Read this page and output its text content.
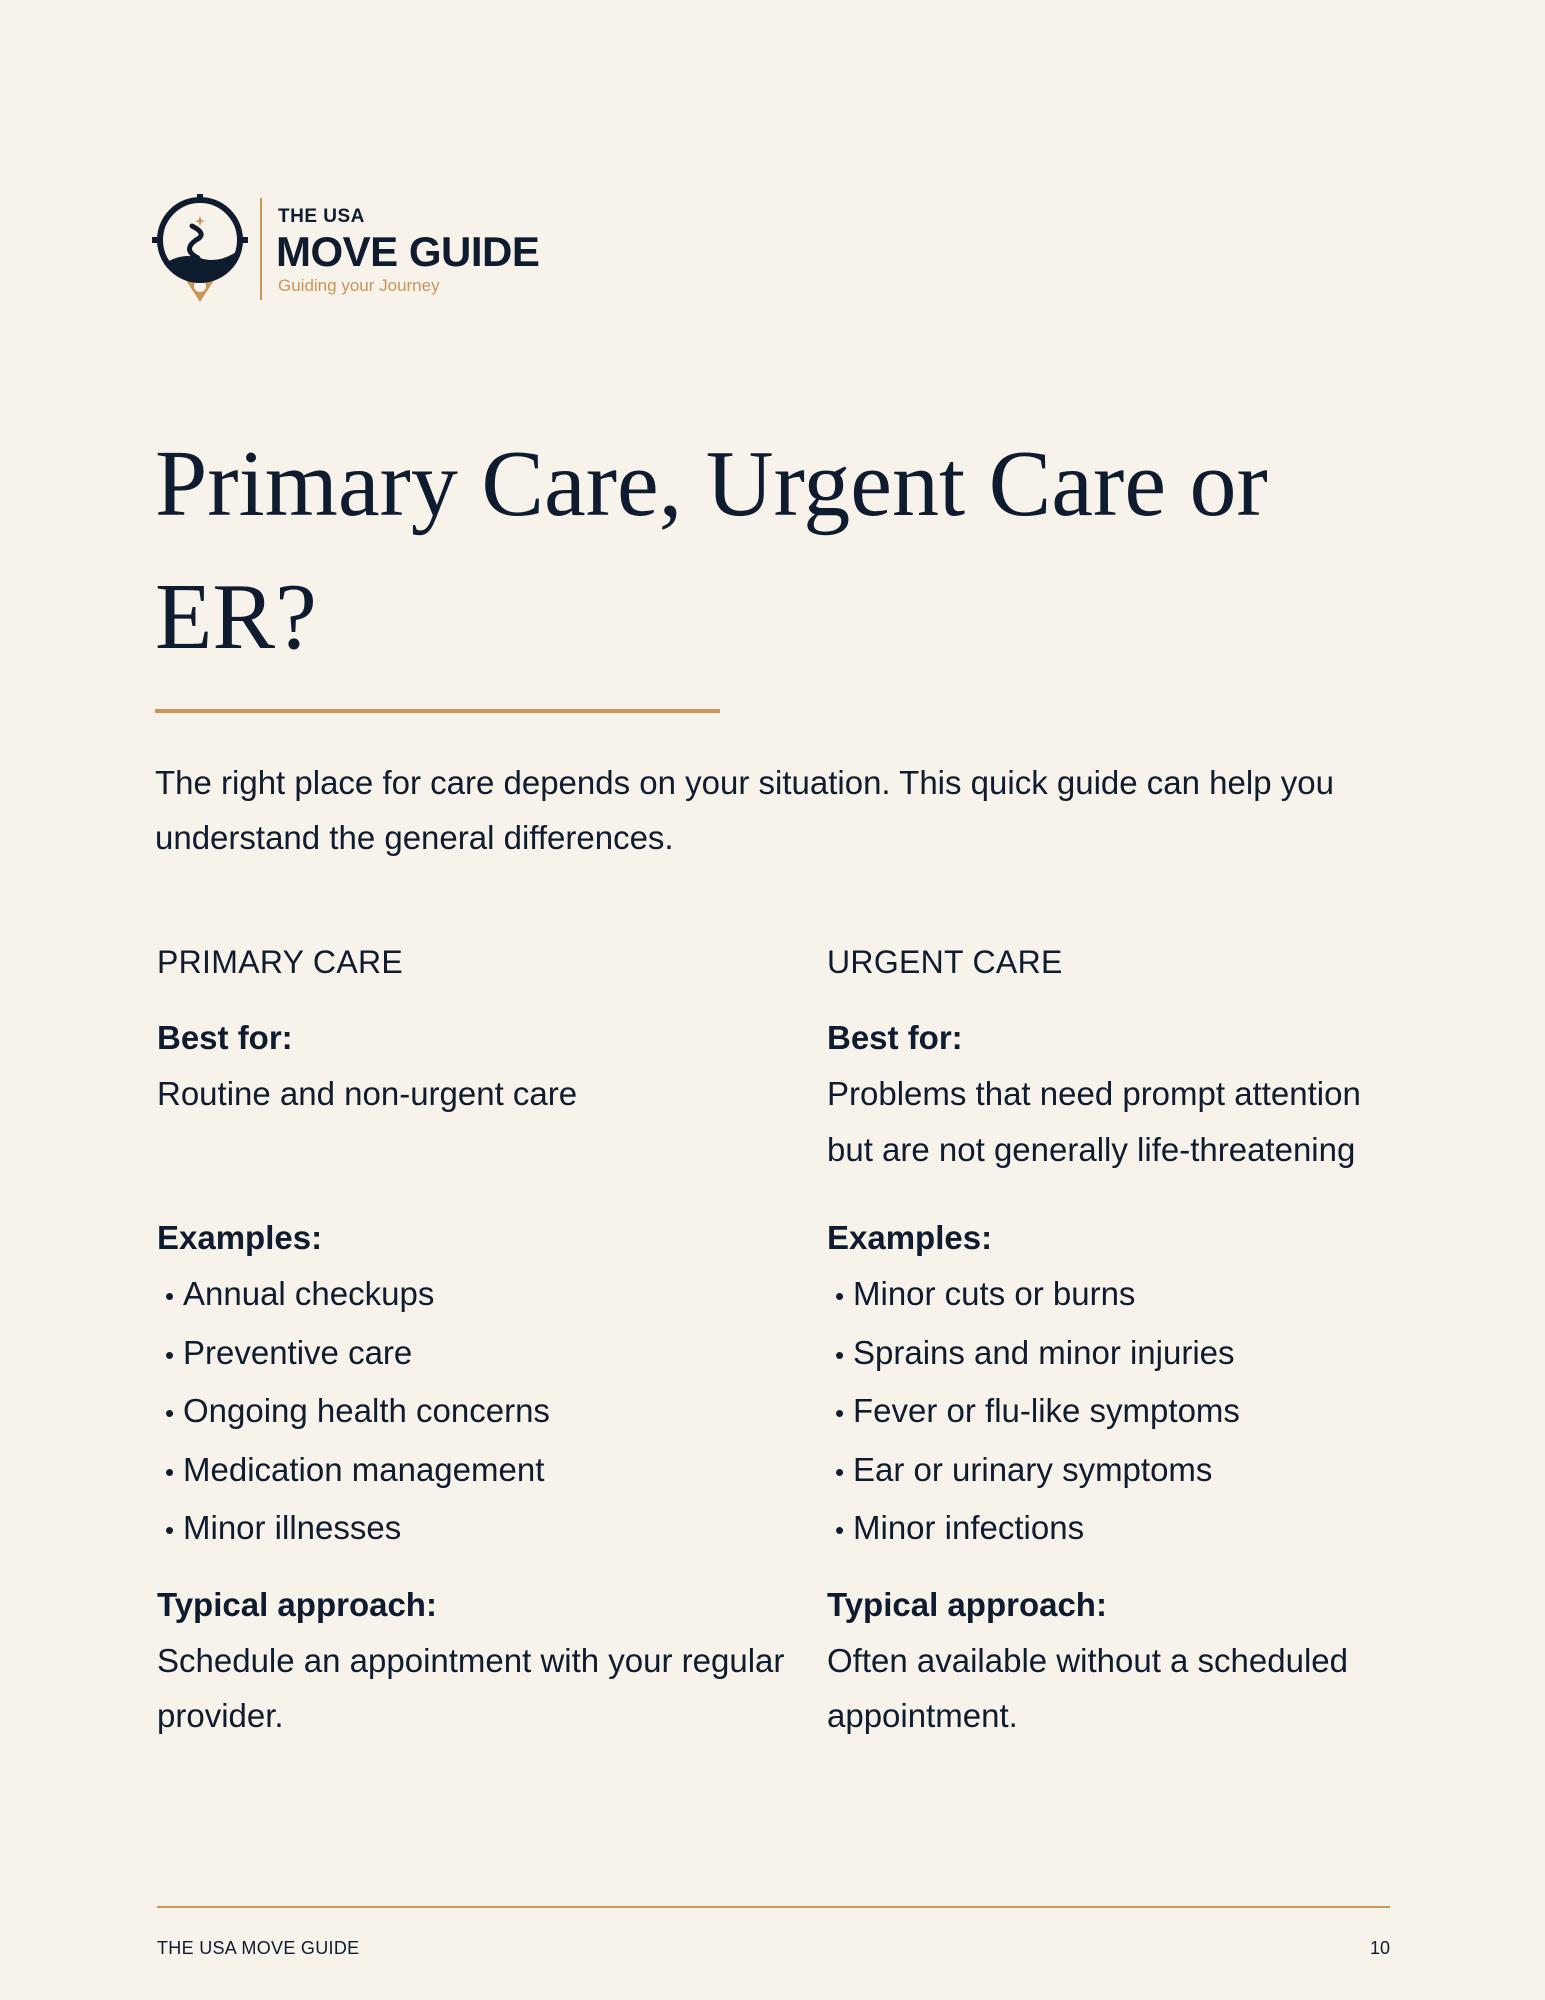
THE USA
MOVE GUIDE
Guiding your Journey
Primary Care, Urgent Care or ER?

The right place for care depends on your situation. This quick guide can help you understand the general differences.

PRIMARY CARE

Best for:

Routine and non-urgent care

Examples:

• Annual checkups
• Preventive care
• Ongoing health concerns
• Medication management
• Minor illnesses

Typical approach:

Schedule an appointment with your regular provider.

URGENT CARE

Best for:

Problems that need prompt attention but are not generally life-threatening

Examples:

• Minor cuts or burns
• Sprains and minor injuries
• Fever or flu-like symptoms
• Ear or urinary symptoms
• Minor infections

Typical approach:

Often available without a scheduled appointment.

THE USA MOVE GUIDE	10
